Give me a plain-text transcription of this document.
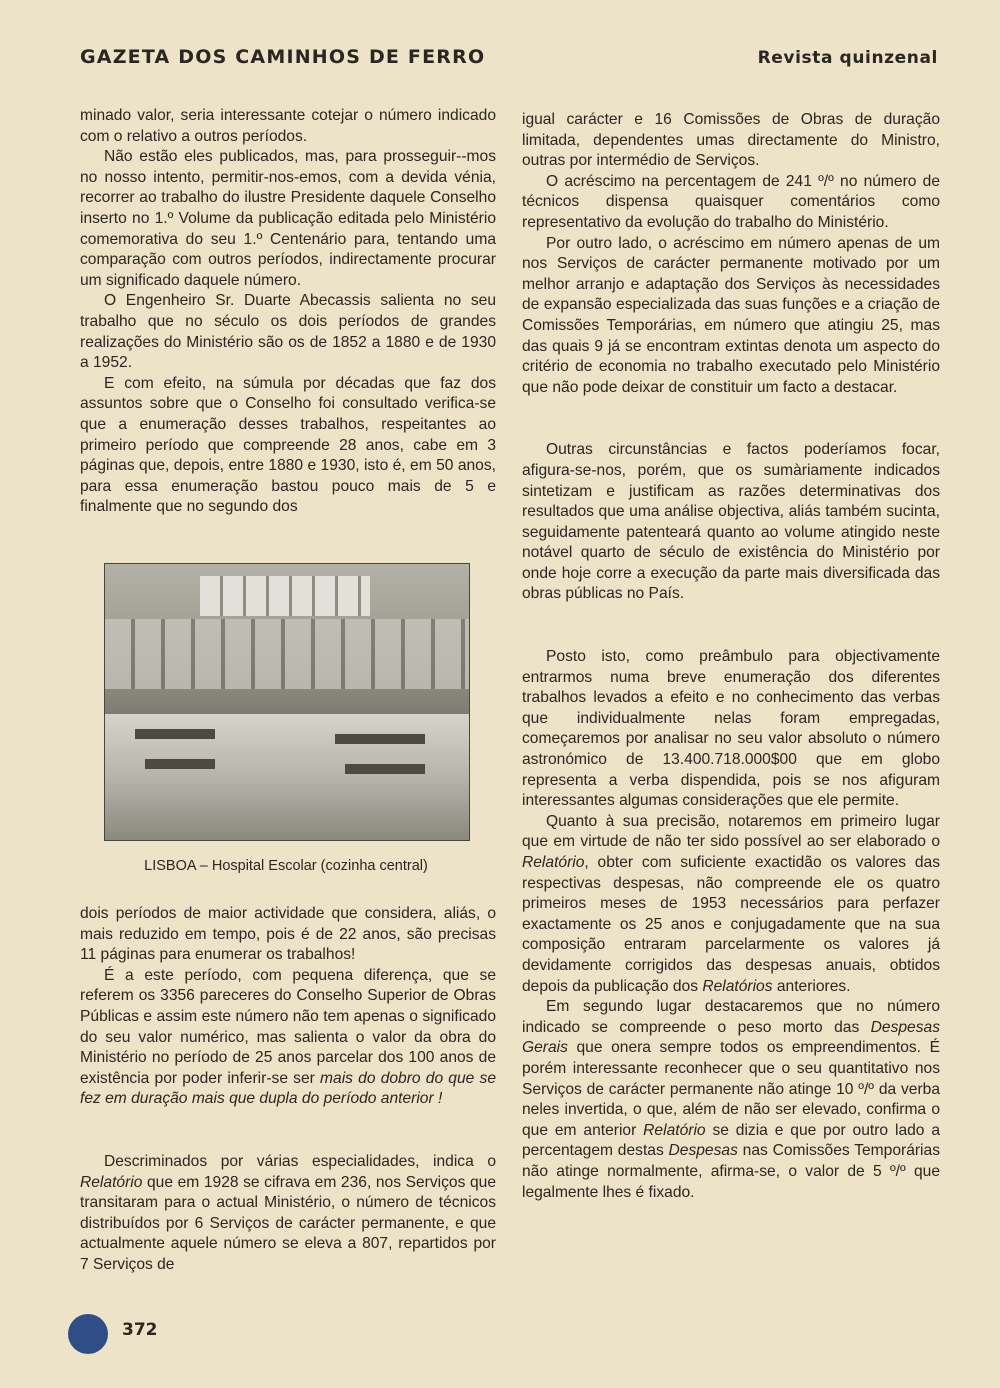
GAZETA DOS CAMINHOS DE FERRO	Revista quinzenal

minado valor, seria interessante cotejar o número indicado com o relativo a outros períodos.

Não estão eles publicados, mas, para prosseguir--mos no nosso intento, permitir-nos-emos, com a devida vénia, recorrer ao trabalho do ilustre Presidente daquele Conselho inserto no 1.º Volume da publicação editada pelo Ministério comemorativa do seu 1.º Centenário para, tentando uma comparação com outros períodos, indirectamente procurar um significado daquele número.

O Engenheiro Sr. Duarte Abecassis salienta no seu trabalho que no século os dois períodos de grandes realizações do Ministério são os de 1852 a 1880 e de 1930 a 1952.

E com efeito, na súmula por décadas que faz dos assuntos sobre que o Conselho foi consultado verifica-se que a enumeração desses trabalhos, respeitantes ao primeiro período que compreende 28 anos, cabe em 3 páginas que, depois, entre 1880 e 1930, isto é, em 50 anos, para essa enumeração bastou pouco mais de 5 e finalmente que no segundo dos

LISBOA – Hospital Escolar (cozinha central)

dois períodos de maior actividade que considera, aliás, o mais reduzido em tempo, pois é de 22 anos, são precisas 11 páginas para enumerar os trabalhos!

É a este período, com pequena diferença, que se referem os 3356 pareceres do Conselho Superior de Obras Públicas e assim este número não tem apenas o significado do seu valor numérico, mas salienta o valor da obra do Ministério no período de 25 anos parcelar dos 100 anos de existência por poder inferir-se ser mais do dobro do que se fez em duração mais que dupla do período anterior !

Descriminados por várias especialidades, indica o Relatório que em 1928 se cifrava em 236, nos Serviços que transitaram para o actual Ministério, o número de técnicos distribuídos por 6 Serviços de carácter permanente, e que actualmente aquele número se eleva a 807, repartidos por 7 Serviços de

igual carácter e 16 Comissões de Obras de duração limitada, dependentes umas directamente do Ministro, outras por intermédio de Serviços.

O acréscimo na percentagem de 241 º/º no número de técnicos dispensa quaisquer comentários como representativo da evolução do trabalho do Ministério.

Por outro lado, o acréscimo em número apenas de um nos Serviços de carácter permanente motivado por um melhor arranjo e adaptação dos Serviços às necessidades de expansão especializada das suas funções e a criação de Comissões Temporárias, em número que atingiu 25, mas das quais 9 já se encontram extintas denota um aspecto do critério de economia no trabalho executado pelo Ministério que não pode deixar de constituir um facto a destacar.

Outras circunstâncias e factos poderíamos focar, afigura-se-nos, porém, que os sumàriamente indicados sintetizam e justificam as razões determinativas dos resultados que uma análise objectiva, aliás também sucinta, seguidamente patenteará quanto ao volume atingido neste notável quarto de século de existência do Ministério por onde hoje corre a execução da parte mais diversificada das obras públicas no País.

Posto isto, como preâmbulo para objectivamente entrarmos numa breve enumeração dos diferentes trabalhos levados a efeito e no conhecimento das verbas que individualmente nelas foram empregadas, começaremos por analisar no seu valor absoluto o número astronómico de 13.400.718.000$00 que em globo representa a verba dispendida, pois se nos afiguram interessantes algumas considerações que ele permite.

Quanto à sua precisão, notaremos em primeiro lugar que em virtude de não ter sido possível ao ser elaborado o Relatório, obter com suficiente exactidão os valores das respectivas despesas, não compreende ele os quatro primeiros meses de 1953 necessários para perfazer exactamente os 25 anos e conjugadamente que na sua composição entraram parcelarmente os valores já devidamente corrigidos das despesas anuais, obtidos depois da publicação dos Relatórios anteriores.

Em segundo lugar destacaremos que no número indicado se compreende o peso morto das Despesas Gerais que onera sempre todos os empreendimentos. É porém interessante reconhecer que o seu quantitativo nos Serviços de carácter permanente não atinge 10 º/º da verba neles invertida, o que, além de não ser elevado, confirma o que em anterior Relatório se dizia e que por outro lado a percentagem destas Despesas nas Comissões Temporárias não atinge normalmente, afirma-se, o valor de 5 º/º que legalmente lhes é fixado.

372
